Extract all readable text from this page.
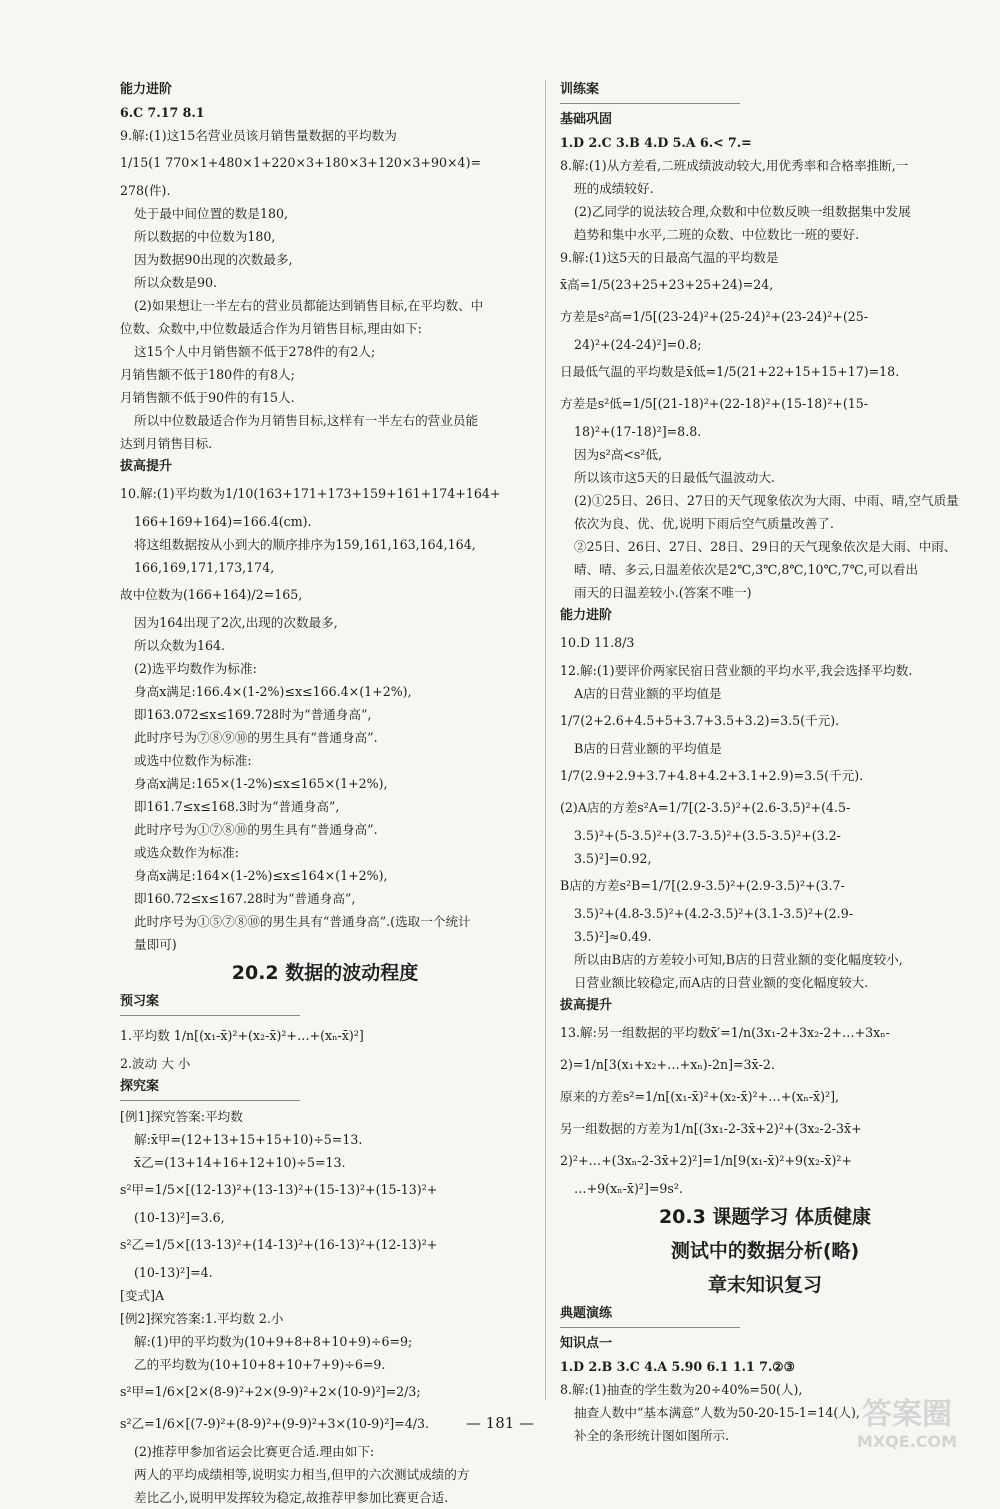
能力进阶
6.C 7.17 8.1
9.解:(1)这15名营业员该月销售量数据的平均数为
1/15(1 770×1+480×1+220×3+180×3+120×3+90×4)=
278(件).
处于最中间位置的数是180,
所以数据的中位数为180,
因为数据90出现的次数最多,
所以众数是90.
(2)如果想让一半左右的营业员都能达到销售目标,在平均数、中
位数、众数中,中位数最适合作为月销售目标,理由如下:
这15个人中月销售额不低于278件的有2人;
月销售额不低于180件的有8人;
月销售额不低于90件的有15人.
所以中位数最适合作为月销售目标,这样有一半左右的营业员能
达到月销售目标.
拔高提升
10.解:(1)平均数为1/10(163+171+173+159+161+174+164+
166+169+164)=166.4(cm).
将这组数据按从小到大的顺序排序为159,161,163,164,164,
166,169,171,173,174,
故中位数为(166+164)/2=165,
因为164出现了2次,出现的次数最多,
所以众数为164.
(2)选平均数作为标准:
身高x满足:166.4×(1-2%)≤x≤166.4×(1+2%),
即163.072≤x≤169.728时为“普通身高”,
此时序号为⑦⑧⑨⑩的男生具有“普通身高”.
或选中位数作为标准:
身高x满足:165×(1-2%)≤x≤165×(1+2%),
即161.7≤x≤168.3时为“普通身高”,
此时序号为①⑦⑧⑩的男生具有“普通身高”.
或选众数作为标准:
身高x满足:164×(1-2%)≤x≤164×(1+2%),
即160.72≤x≤167.28时为“普通身高”,
此时序号为①⑤⑦⑧⑩的男生具有“普通身高”.(选取一个统计
量即可)
20.2 数据的波动程度
预习案
1.平均数 1/n[(x₁-x̄)²+(x₂-x̄)²+…+(xₙ-x̄)²]
2.波动 大 小
探究案
[例1]探究答案:平均数
解:x̄甲=(12+13+15+15+10)÷5=13.
x̄乙=(13+14+16+12+10)÷5=13.
s²甲=1/5×[(12-13)²+(13-13)²+(15-13)²+(15-13)²+
(10-13)²]=3.6,
s²乙=1/5×[(13-13)²+(14-13)²+(16-13)²+(12-13)²+
(10-13)²]=4.
[变式]A
[例2]探究答案:1.平均数 2.小
解:(1)甲的平均数为(10+9+8+8+10+9)÷6=9;
乙的平均数为(10+10+8+10+7+9)÷6=9.
s²甲=1/6×[2×(8-9)²+2×(9-9)²+2×(10-9)²]=2/3;
s²乙=1/6×[(7-9)²+(8-9)²+(9-9)²+3×(10-9)²]=4/3.
(2)推荐甲参加省运会比赛更合适.理由如下:
两人的平均成绩相等,说明实力相当,但甲的六次测试成绩的方
差比乙小,说明甲发挥较为稳定,故推荐甲参加比赛更合适.
训练案
基础巩固
1.D 2.C 3.B 4.D 5.A 6.< 7.=
8.解:(1)从方差看,二班成绩波动较大,用优秀率和合格率推断,一
班的成绩较好.
(2)乙同学的说法较合理,众数和中位数反映一组数据集中发展
趋势和集中水平,二班的众数、中位数比一班的要好.
9.解:(1)这5天的日最高气温的平均数是
x̄高=1/5(23+25+23+25+24)=24,
方差是s²高=1/5[(23-24)²+(25-24)²+(23-24)²+(25-
24)²+(24-24)²]=0.8;
日最低气温的平均数是x̄低=1/5(21+22+15+15+17)=18.
方差是s²低=1/5[(21-18)²+(22-18)²+(15-18)²+(15-
18)²+(17-18)²]=8.8.
因为s²高<s²低,
所以该市这5天的日最低气温波动大.
(2)①25日、26日、27日的天气现象依次为大雨、中雨、晴,空气质量
依次为良、优、优,说明下雨后空气质量改善了.
②25日、26日、27日、28日、29日的天气现象依次是大雨、中雨、
晴、晴、多云,日温差依次是2℃,3℃,8℃,10℃,7℃,可以看出
雨天的日温差较小.(答案不唯一)
能力进阶
10.D 11.8/3
12.解:(1)要评价两家民宿日营业额的平均水平,我会选择平均数.
A店的日营业额的平均值是
1/7(2+2.6+4.5+5+3.7+3.5+3.2)=3.5(千元).
B店的日营业额的平均值是
1/7(2.9+2.9+3.7+4.8+4.2+3.1+2.9)=3.5(千元).
(2)A店的方差s²A=1/7[(2-3.5)²+(2.6-3.5)²+(4.5-
3.5)²+(5-3.5)²+(3.7-3.5)²+(3.5-3.5)²+(3.2-
3.5)²]=0.92,
B店的方差s²B=1/7[(2.9-3.5)²+(2.9-3.5)²+(3.7-
3.5)²+(4.8-3.5)²+(4.2-3.5)²+(3.1-3.5)²+(2.9-
3.5)²]≈0.49.
所以由B店的方差较小可知,B店的日营业额的变化幅度较小,
日营业额比较稳定,而A店的日营业额的变化幅度较大.
拔高提升
13.解:另一组数据的平均数x̄′=1/n(3x₁-2+3x₂-2+…+3xₙ-
2)=1/n[3(x₁+x₂+…+xₙ)-2n]=3x̄-2.
原来的方差s²=1/n[(x₁-x̄)²+(x₂-x̄)²+…+(xₙ-x̄)²],
另一组数据的方差为1/n[(3x₁-2-3x̄+2)²+(3x₂-2-3x̄+
2)²+…+(3xₙ-2-3x̄+2)²]=1/n[9(x₁-x̄)²+9(x₂-x̄)²+
…+9(xₙ-x̄)²]=9s².
20.3 课题学习 体质健康
测试中的数据分析(略)
章末知识复习
典题演练
知识点一
1.D 2.B 3.C 4.A 5.90 6.1 1.1 7.②③
8.解:(1)抽查的学生数为20÷40%=50(人),
抽查人数中“基本满意”人数为50-20-15-1=14(人),
补全的条形统计图如图所示.
— 181 —	答案圈
MXQE.COM
